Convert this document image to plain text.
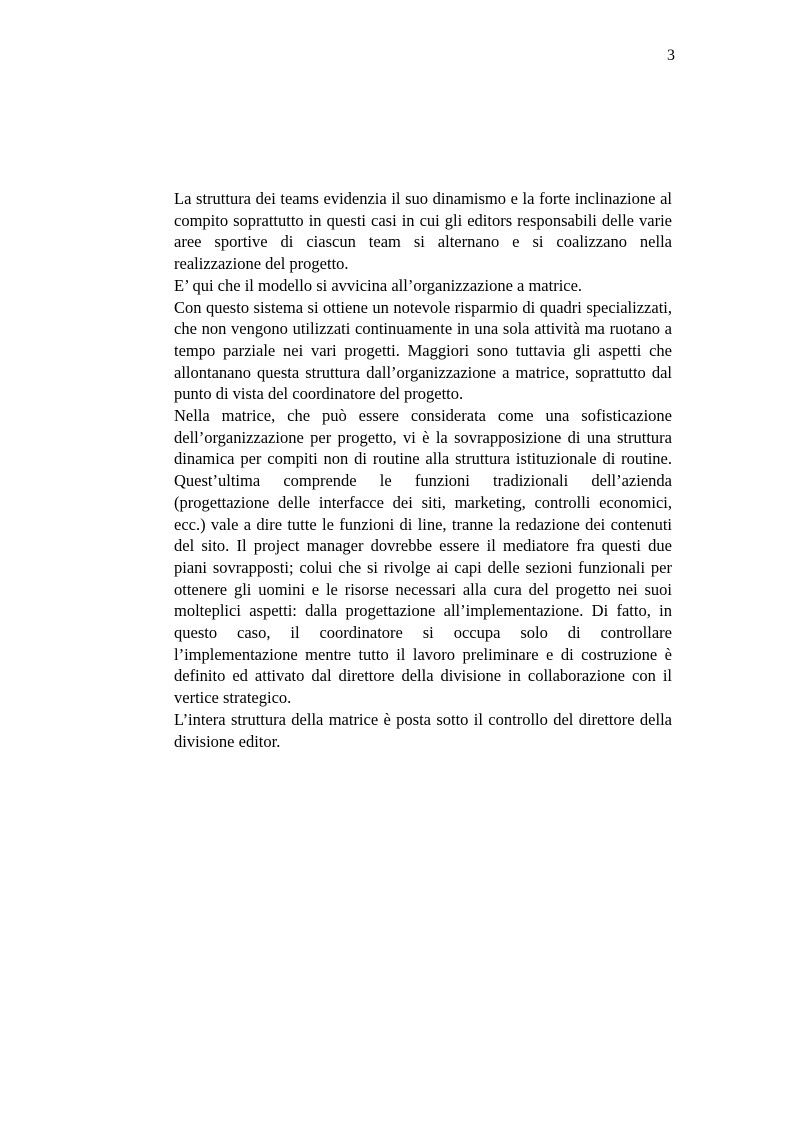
3

La struttura dei teams evidenzia il suo dinamismo e la forte inclinazione al compito soprattutto in questi casi in cui gli editors responsabili delle varie aree sportive di ciascun team si alternano e si coalizzano nella realizzazione del progetto.

E’ qui che il modello si avvicina all’organizzazione a matrice.

Con questo sistema si ottiene un notevole risparmio di quadri specializzati, che non vengono utilizzati continuamente in una sola attività ma ruotano a tempo parziale nei vari progetti. Maggiori sono tuttavia gli aspetti che allontanano questa struttura dall’organizzazione a matrice, soprattutto dal punto di vista del coordinatore del progetto.

Nella matrice, che può essere considerata come una sofisticazione dell’organizzazione per progetto, vi è la sovrapposizione di una struttura dinamica per compiti non di routine alla struttura istituzionale di routine. Quest’ultima comprende le funzioni tradizionali dell’azienda (progettazione delle interfacce dei siti, marketing, controlli economici, ecc.) vale a dire tutte le funzioni di line, tranne la redazione dei contenuti del sito. Il project manager dovrebbe essere il mediatore fra questi due piani sovrapposti; colui che si rivolge ai capi delle sezioni funzionali per ottenere gli uomini e le risorse necessari alla cura del progetto nei suoi molteplici aspetti: dalla progettazione all’implementazione. Di fatto, in questo caso, il coordinatore si occupa solo di controllare l’implementazione mentre tutto il lavoro preliminare e di costruzione è definito ed attivato dal direttore della divisione in collaborazione con il vertice strategico.

L’intera struttura della matrice è posta sotto il controllo del direttore della divisione editor.
